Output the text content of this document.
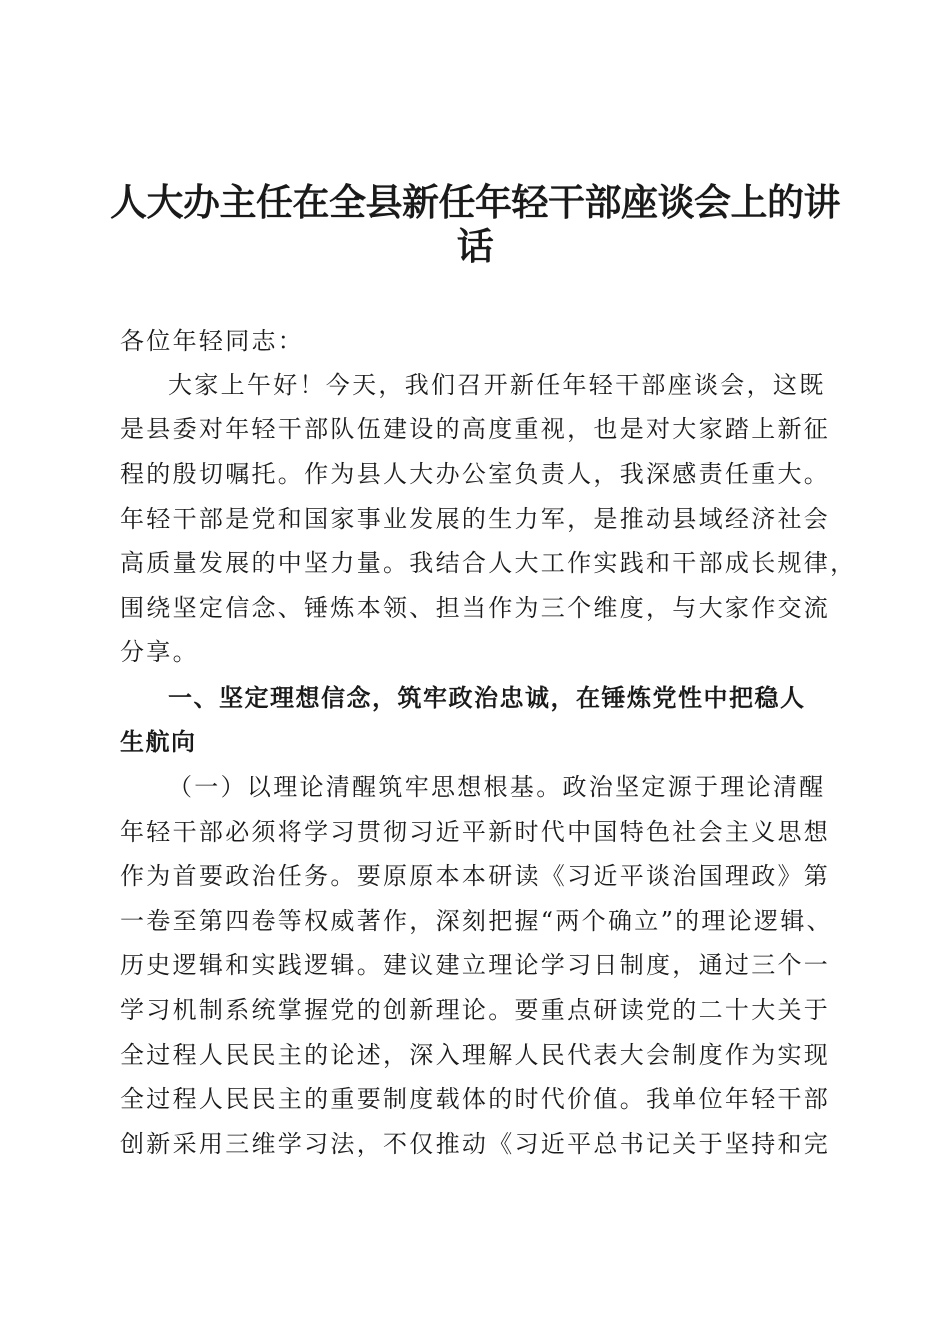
人大办主任在全县新任年轻干部座谈会上的讲
话
各位年轻同志：
大家上午好！今天，我们召开新任年轻干部座谈会，这既
是县委对年轻干部队伍建设的高度重视，也是对大家踏上新征
程的殷切嘱托。作为县人大办公室负责人，我深感责任重大。
年轻干部是党和国家事业发展的生力军，是推动县域经济社会
高质量发展的中坚力量。我结合人大工作实践和干部成长规律，
围绕坚定信念、锤炼本领、担当作为三个维度，与大家作交流
分享。
一、坚定理想信念，筑牢政治忠诚，在锤炼党性中把稳人
生航向
（一）以理论清醒筑牢思想根基。政治坚定源于理论清醒
年轻干部必须将学习贯彻习近平新时代中国特色社会主义思想
作为首要政治任务。要原原本本研读《习近平谈治国理政》第
一卷至第四卷等权威著作，深刻把握“两个确立”的理论逻辑、
历史逻辑和实践逻辑。建议建立理论学习日制度，通过三个一
学习机制系统掌握党的创新理论。要重点研读党的二十大关于
全过程人民民主的论述，深入理解人民代表大会制度作为实现
全过程人民民主的重要制度载体的时代价值。我单位年轻干部
创新采用三维学习法，不仅推动《习近平总书记关于坚持和完
